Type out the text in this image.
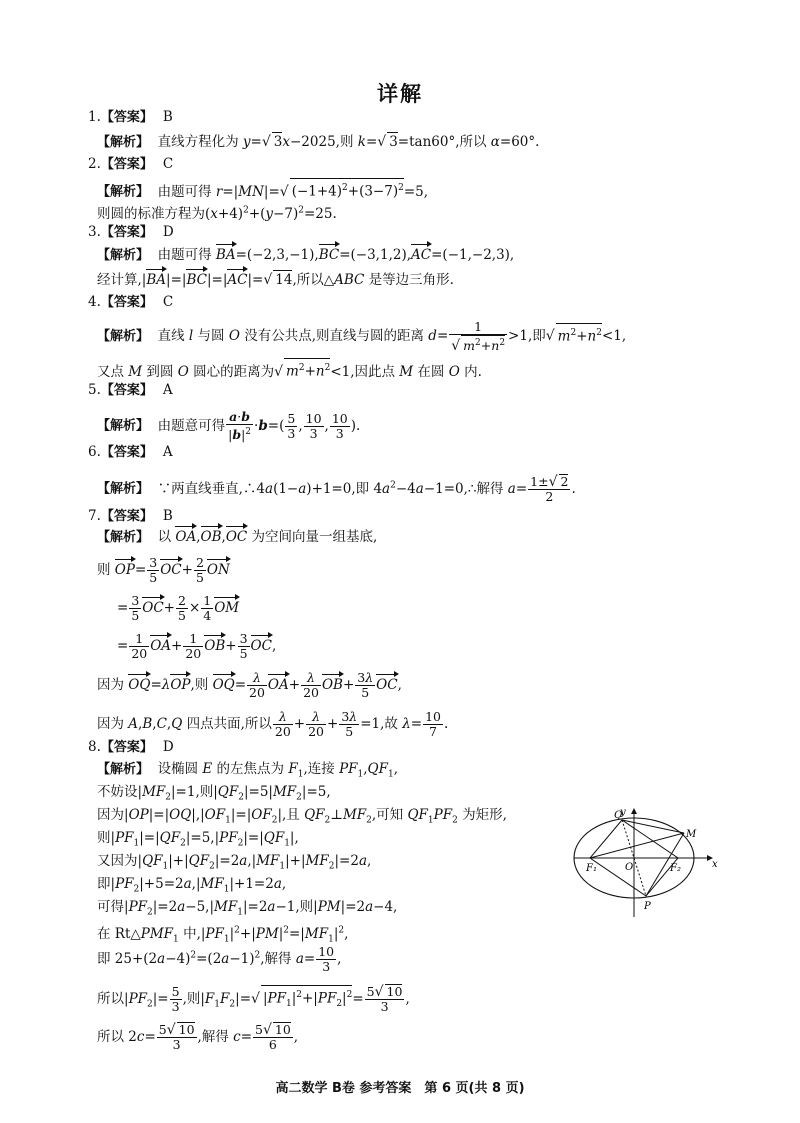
详解
1.【答案】 B
【解析】 直线方程化为 y=√ 3x−2025,则 k=√ 3=tan60°,所以 α=60°.
2.【答案】 C
【解析】 由题可得 r=|MN|=√ $(-1+4)^2+(3-7)^2=5$,
则圆的标准方程为$(x+4)^2+(y-7)^2=25$.
3.【答案】 D
【解析】 由题可得 BA=(−2,3,−1),BC=(−3,1,2),AC=(−1,−2,3),
经计算,|BA|=|BC|=|AC|=√ 14,所以△ABC 是等边三角形.
4.【答案】 C
【解析】 直线 l 与圆 O 没有公共点,则直线与圆的距离 $d= \frac{1}{√ m^2+n^2} >1$,即√ $m^2+n^2<1$,
又点 M 到圆 O 圆心的距离为√ $m^2+n^2<1$,因此点 M 在圆 O 内.
5.【答案】 A
【解析】 由题意可得 $\frac{a\cdot b}{|b|^2} \cdot b=( \frac{5}{3}$ , $\frac{10}{3}$ , $\frac{10}{3}$ ).
6.【答案】 A
【解析】 ∵两直线垂直,∴4a(1−a)+1=0,即 $4a^2-4a-1=0,\therefore$解得 $a= \frac{1\pm√ 2}{2}$ .
7.【答案】 B
【解析】 以 OA,OB,OC 为空间向量一组基底,
则 $OP= \frac{3}{5} OC+ \frac{2}{5}$ ON
= $\frac{3}{5} OC+ \frac{2}{5} \times \frac{1}{4}$ OM
= $\frac{1}{20} OA+ \frac{1}{20} OB+ \frac{3}{5}$ OC,
因为 OQ=λOP,则 $OQ= \frac{\lambda}{20} OA+ \frac{\lambda}{20} OB+ \frac{3\lambda}{5}$ OC,
因为 A,B,C,Q 四点共面,所以 $\frac{\lambda}{20} + \frac{\lambda}{20} + \frac{3\lambda}{5} =1$,故 $\lambda= \frac{10}{7}$ .
8.【答案】 D
【解析】 设椭圆 E 的左焦点为 $F_1$,连接 $PF_1,QF_1$,
不妨设$|MF_2|=1$,则$|QF_2|=5|MF_2|=5$,
因为$|OP|=|OQ|,|OF_1|=|OF_2|$,且 $QF_2\perp MF_2$,可知 $QF_1PF_2$ 为矩形,
则$|PF_1|=|QF_2|=5,|PF_2|=|QF_1|$,
又因为$|QF_1|+|QF_2|=2a,|MF_1|+|MF_2|=2a$,
即$|PF_2|+5=2a,|MF_1|+1=2a$,
可得$|PF_2|=2a-5,|MF_1|=2a-1$,则|PM|=2a−4,
在 $Rt\triangle PMF_1$ 中$,|PF_1|^2+|PM|^2=|MF_1|^2$,
即 $25+(2a-4)^2=(2a-1)^2$,解得 $a= \frac{10}{3}$ ,
所以$|PF_2|= \frac{5}{3}$ ,则$|F_1F_2|=√$ $|PF_1|^2+|PF_2|^2= \frac{5√ 10}{3}$ ,
所以 $2c= \frac{5√ 10}{3}$ ,解得 $c= \frac{5√ 10}{6}$ ,
y
Q
M
F₁	O	F₂	x
P
高二数学 B卷 参考答案　第 6 页(共 8 页)
